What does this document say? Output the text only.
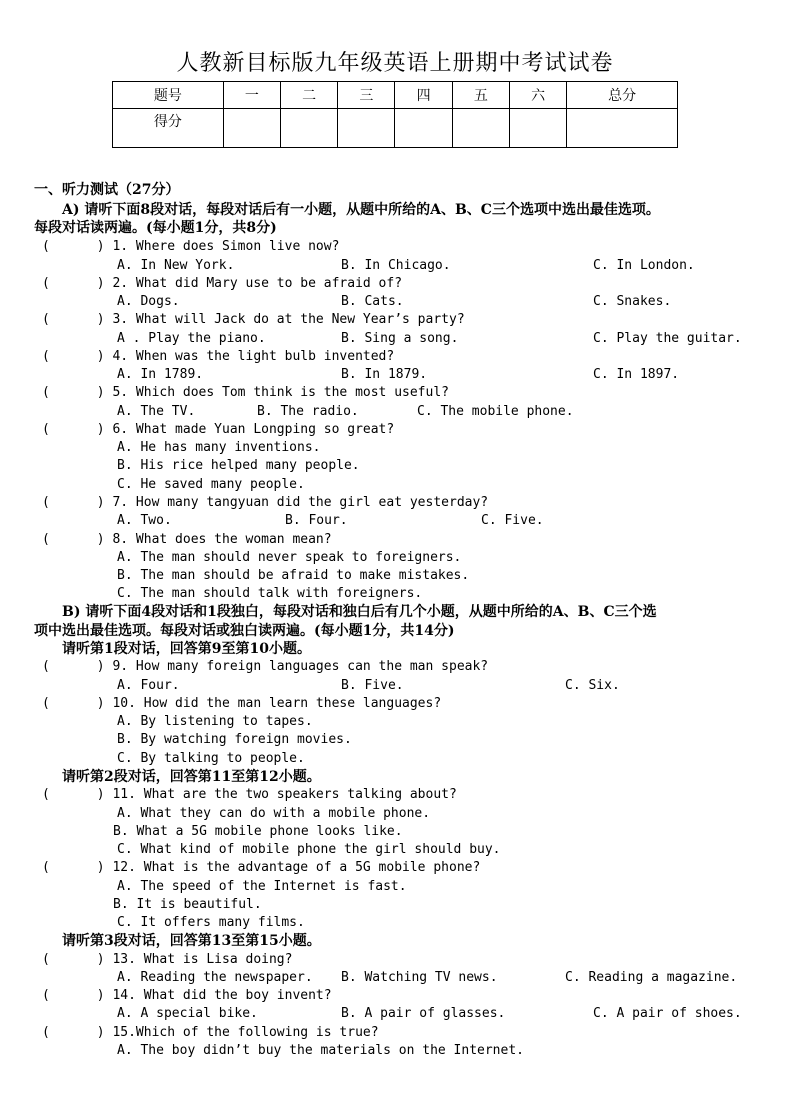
人教新目标版九年级英语上册期中考试试卷
题号	一	二	三	四	五	六	总分
得分							
一、听力测试（27分）
A) 请听下面8段对话，每段对话后有一小题，从题中所给的A、B、C三个选项中选出最佳选项。
每段对话读两遍。(每小题1分，共8分)
(      ) 1. Where does Simon live now?
A. In New York.	B. In Chicago.	C. In London.
(      ) 2. What did Mary use to be afraid of?
A. Dogs.	B. Cats.	C. Snakes.
(      ) 3. What will Jack do at the New Year’s party?
A . Play the piano.	B. Sing a song.	C. Play the guitar.
(      ) 4. When was the light bulb invented?
A. In 1789.	B. In 1879.	C. In 1897.
(      ) 5. Which does Tom think is the most useful?
A. The TV.	B. The radio.	C. The mobile phone.
(      ) 6. What made Yuan Longping so great?
A. He has many inventions.
B. His rice helped many people.
C. He saved many people.
(      ) 7. How many tangyuan did the girl eat yesterday?
A. Two.	B. Four.	C. Five.
(      ) 8. What does the woman mean?
A. The man should never speak to foreigners.
B. The man should be afraid to make mistakes.
C. The man should talk with foreigners.
B) 请听下面4段对话和1段独白，每段对话和独白后有几个小题，从题中所给的A、B、C三个选
项中选出最佳选项。每段对话或独白读两遍。(每小题1分，共14分)
请听第1段对话，回答第9至第10小题。
(      ) 9. How many foreign languages can the man speak?
A. Four.	B. Five.	C. Six.
(      ) 10. How did the man learn these languages?
A. By listening to tapes.
B. By watching foreign movies.
C. By talking to people.
请听第2段对话，回答第11至第12小题。
(      ) 11. What are the two speakers talking about?
A. What they can do with a mobile phone.
B. What a 5G mobile phone looks like.
C. What kind of mobile phone the girl should buy.
(      ) 12. What is the advantage of a 5G mobile phone?
A. The speed of the Internet is fast.
B. It is beautiful.
C. It offers many films.
请听第3段对话，回答第13至第15小题。
(      ) 13. What is Lisa doing?
A. Reading the newspaper. B. Watching TV news.	C. Reading a magazine.
(      ) 14. What did the boy invent?
A. A special bike.	B. A pair of glasses.	C. A pair of shoes.
(      ) 15.Which of the following is true?
A. The boy didn’t buy the materials on the Internet.
